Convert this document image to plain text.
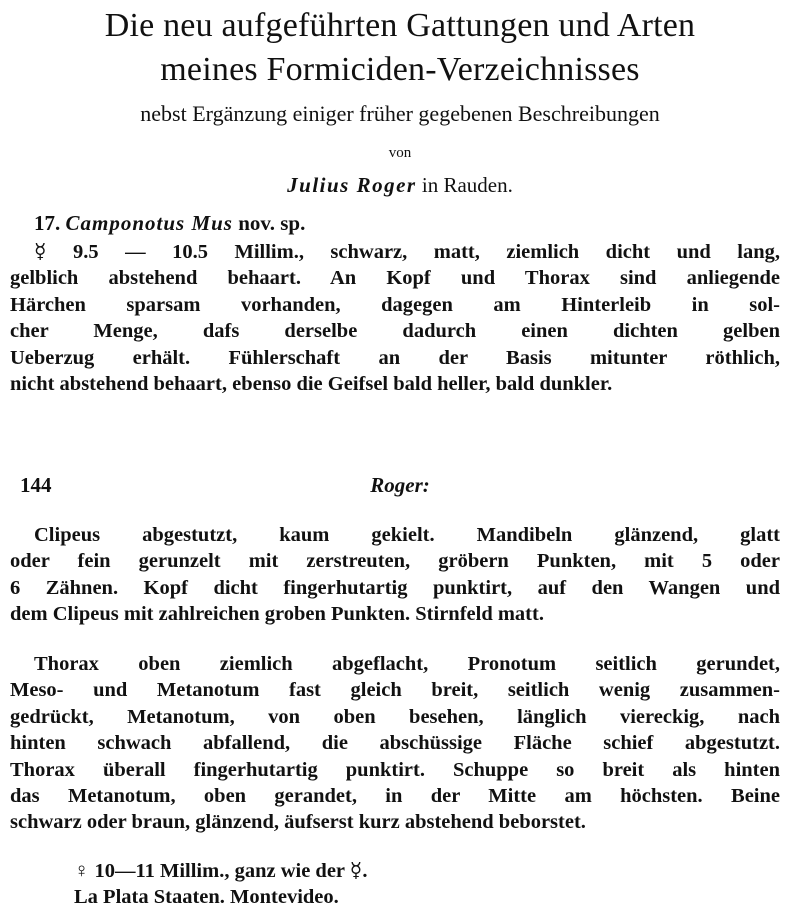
Die neu aufgeführten Gattungen und Arten
meines Formiciden-Verzeichnisses
nebst Ergänzung einiger früher gegebenen Beschreibungen
von
Julius Roger in Rauden.
17. Camponotus Mus nov. sp.
☿ 9.5 — 10.5 Millim., schwarz, matt, ziemlich dicht und lang,
gelblich abstehend behaart. An Kopf und Thorax sind anliegende
Härchen sparsam vorhanden, dagegen am Hinterleib in sol-
cher Menge, dafs derselbe dadurch einen dichten gelben
Ueberzug erhält. Fühlerschaft an der Basis mitunter röthlich,
nicht abstehend behaart, ebenso die Geifsel bald heller, bald dunkler.
144	Roger:
Clipeus abgestutzt, kaum gekielt. Mandibeln glänzend, glatt
oder fein gerunzelt mit zerstreuten, gröbern Punkten, mit 5 oder
6 Zähnen. Kopf dicht fingerhutartig punktirt, auf den Wangen und
dem Clipeus mit zahlreichen groben Punkten. Stirnfeld matt.
Thorax oben ziemlich abgeflacht, Pronotum seitlich gerundet,
Meso- und Metanotum fast gleich breit, seitlich wenig zusammen-
gedrückt, Metanotum, von oben besehen, länglich viereckig, nach
hinten schwach abfallend, die abschüssige Fläche schief abgestutzt.
Thorax überall fingerhutartig punktirt. Schuppe so breit als hinten
das Metanotum, oben gerandet, in der Mitte am höchsten. Beine
schwarz oder braun, glänzend, äufserst kurz abstehend beborstet.
♀ 10—11 Millim., ganz wie der ☿.
La Plata Staaten. Montevideo.
